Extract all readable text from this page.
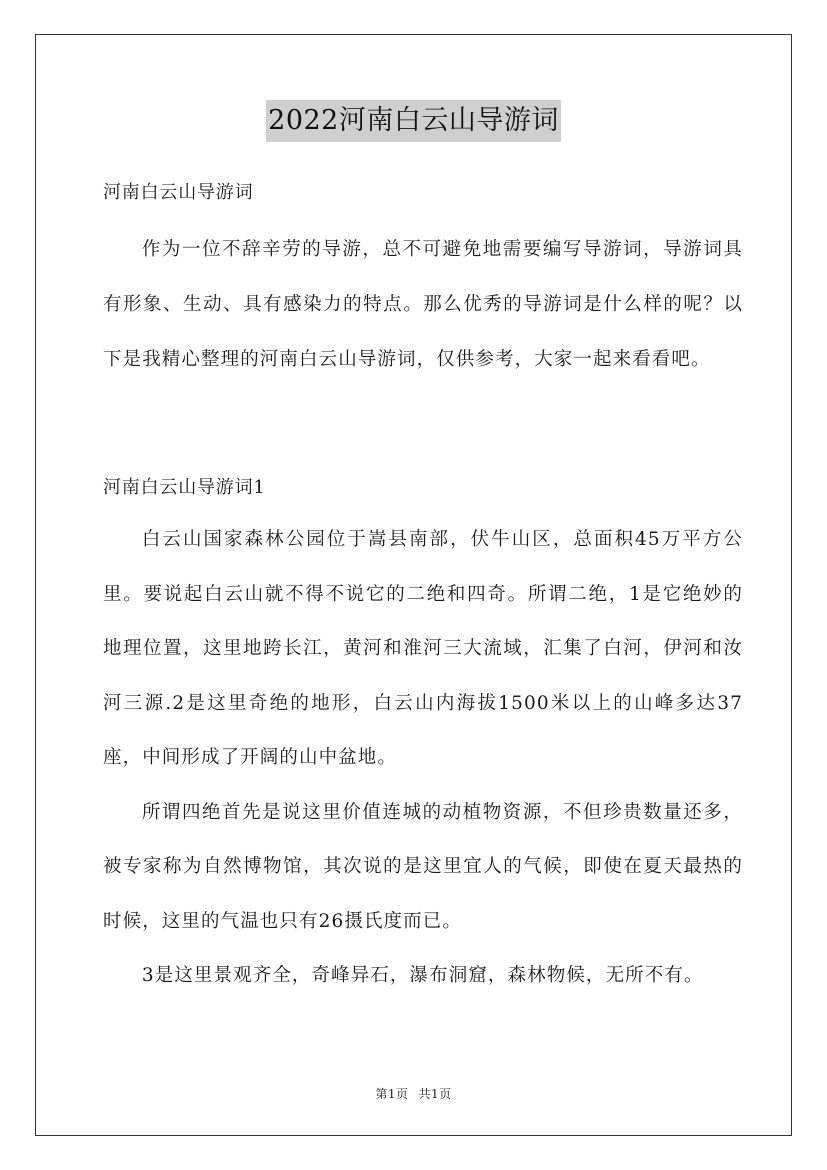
2022河南白云山导游词

河南白云山导游词

作为一位不辞辛劳的导游，总不可避免地需要编写导游词，导游词具有形象、生动、具有感染力的特点。那么优秀的导游词是什么样的呢？以下是我精心整理的河南白云山导游词，仅供参考，大家一起来看看吧。

河南白云山导游词1

白云山国家森林公园位于嵩县南部，伏牛山区，总面积45万平方公里。要说起白云山就不得不说它的二绝和四奇。所谓二绝，1是它绝妙的地理位置，这里地跨长江，黄河和淮河三大流域，汇集了白河，伊河和汝河三源.2是这里奇绝的地形，白云山内海拔1500米以上的山峰多达37座，中间形成了开阔的山中盆地。

所谓四绝首先是说这里价值连城的动植物资源，不但珍贵数量还多，被专家称为自然博物馆，其次说的是这里宜人的气候，即使在夏天最热的时候，这里的气温也只有26摄氏度而已。

3是这里景观齐全，奇峰异石，瀑布洞窟，森林物候，无所不有。

第1页 共1页
